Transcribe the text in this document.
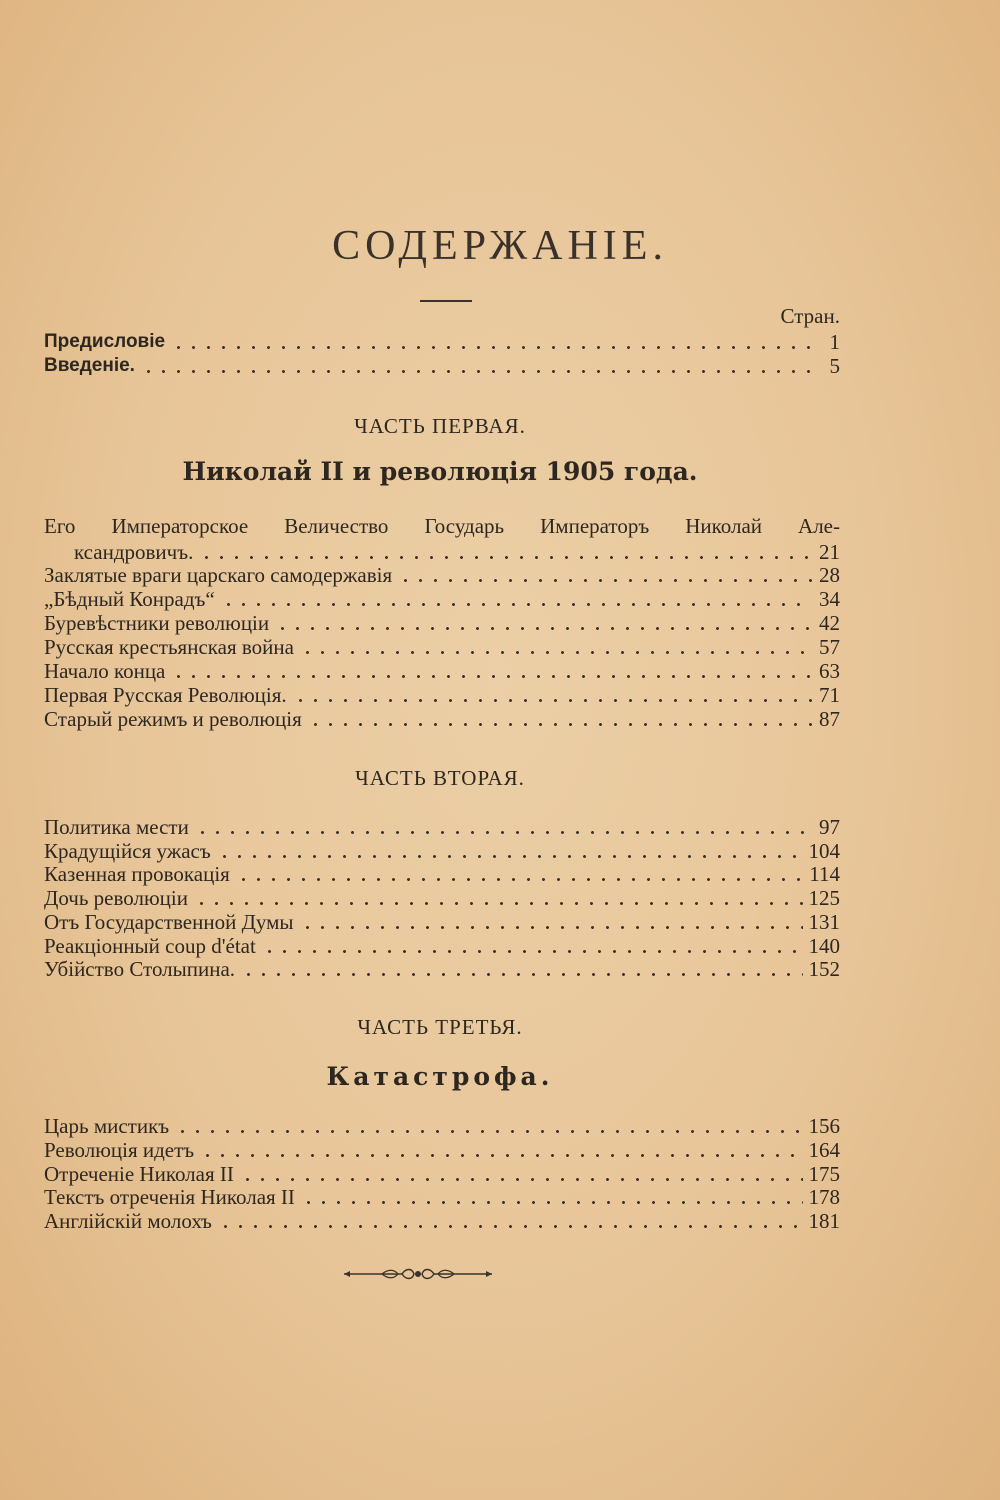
СОДЕРЖАНІЕ.
Стран.
Предисловіе	1
Введеніе.	5
ЧАСТЬ ПЕРВАЯ.
Николай II и революція 1905 года.
Его Императорское Величество Государь Императоръ Николай Але-
ксандровичъ.	21
Заклятые враги царскаго самодержавія	28
„Бѣдный Конрадъ“	34
Буревѣстники революціи	42
Русская крестьянская война	57
Начало конца	63
Первая Русская Революція.	71
Старый режимъ и революція	87
ЧАСТЬ ВТОРАЯ.
Политика мести	97
Крадущійся ужасъ	104
Казенная провокація	114
Дочь революціи	125
Отъ Государственной Думы	131
Реакціонный coup d'état	140
Убійство Столыпина.	152
ЧАСТЬ ТРЕТЬЯ.
Катастрофа.
Царь мистикъ	156
Революція идетъ	164
Отреченіе Николая II	175
Текстъ отреченія Николая II	178
Англійскій молохъ	181
